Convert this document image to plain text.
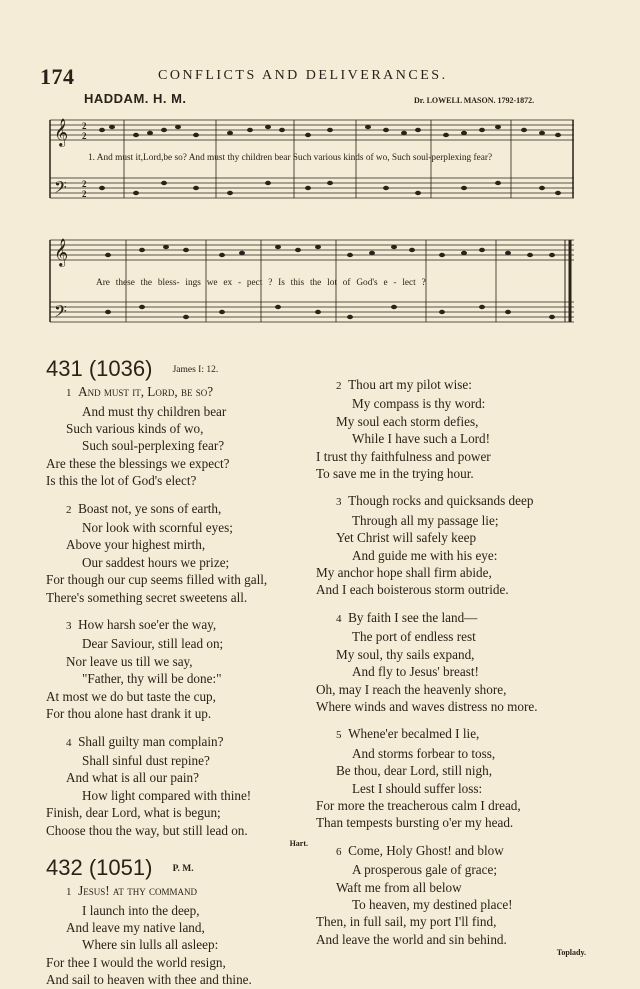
174	CONFLICTS AND DELIVERANCES.
HADDAM. H. M.	Dr. LOWELL MASON. 1792-1872.
𝄞
𝄢
2
2
2
2
1. And must it,Lord,be so? And must thy children bear Such various kinds of wo, Such soul-perplexing fear?
𝄞
𝄢
Are these the bless- ings we ex - pect ? Is this the lot of God's e - lect ?
431 (1036) James I: 12.
1 And must it, Lord, be so?
And must thy children bear
Such various kinds of wo,
Such soul-perplexing fear?
Are these the blessings we expect?
Is this the lot of God's elect?
2 Boast not, ye sons of earth,
Nor look with scornful eyes;
Above your highest mirth,
Our saddest hours we prize;
For though our cup seems filled with gall,
There's something secret sweetens all.
3 How harsh soe'er the way,
Dear Saviour, still lead on;
Nor leave us till we say,
"Father, thy will be done:"
At most we do but taste the cup,
For thou alone hast drank it up.
4 Shall guilty man complain?
Shall sinful dust repine?
And what is all our pain?
How light compared with thine!
Finish, dear Lord, what is begun;
Choose thou the way, but still lead on.
Hart.
432 (1051) P. M.
1 Jesus! at thy command
I launch into the deep,
And leave my native land,
Where sin lulls all asleep:
For thee I would the world resign,
And sail to heaven with thee and thine.
2 Thou art my pilot wise:
My compass is thy word:
My soul each storm defies,
While I have such a Lord!
I trust thy faithfulness and power
To save me in the trying hour.
3 Though rocks and quicksands deep
Through all my passage lie;
Yet Christ will safely keep
And guide me with his eye:
My anchor hope shall firm abide,
And I each boisterous storm outride.
4 By faith I see the land—
The port of endless rest
My soul, thy sails expand,
And fly to Jesus' breast!
Oh, may I reach the heavenly shore,
Where winds and waves distress no more.
5 Whene'er becalmed I lie,
And storms forbear to toss,
Be thou, dear Lord, still nigh,
Lest I should suffer loss:
For more the treacherous calm I dread,
Than tempests bursting o'er my head.
6 Come, Holy Ghost! and blow
A prosperous gale of grace;
Waft me from all below
To heaven, my destined place!
Then, in full sail, my port I'll find,
And leave the world and sin behind.
Toplady.
